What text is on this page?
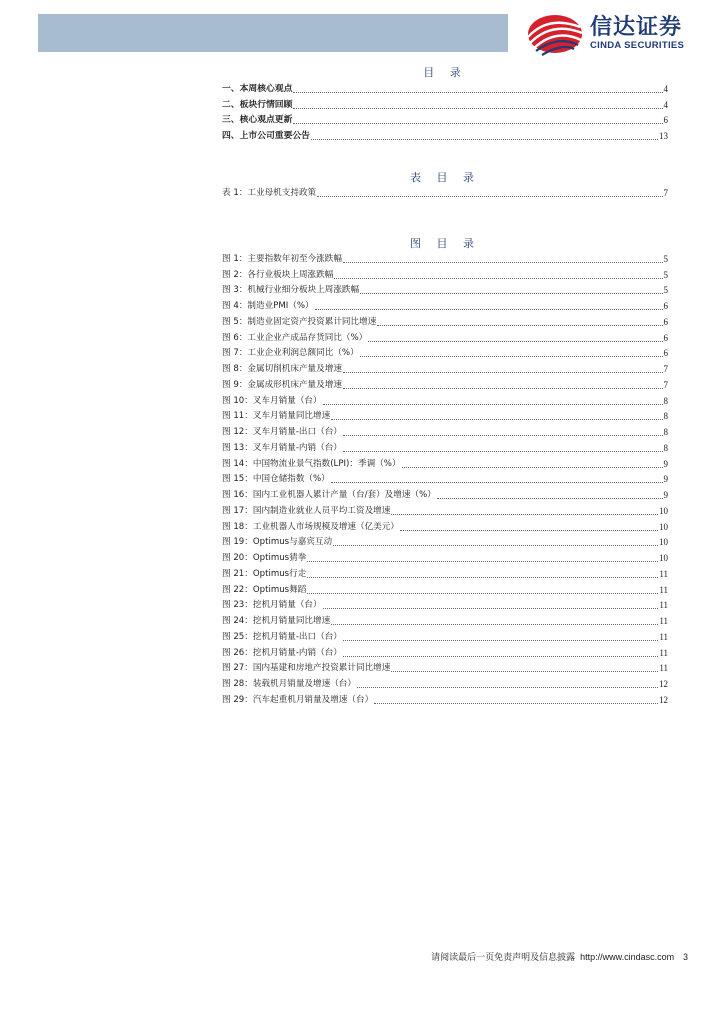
信达证券
CINDA SECURITIES
目 录
一、本周核心观点	4
二、板块行情回顾	4
三、核心观点更新	6
四、上市公司重要公告	13
表 目 录
表 1：工业母机支持政策	7
图 目 录
图 1：主要指数年初至今涨跌幅	5
图 2：各行业板块上周涨跌幅	5
图 3：机械行业细分板块上周涨跌幅	5
图 4：制造业PMI（%）	6
图 5：制造业固定资产投资累计同比增速	6
图 6：工业企业产成品存货同比（%）	6
图 7：工业企业利润总额同比（%）	6
图 8：金属切削机床产量及增速	7
图 9：金属成形机床产量及增速	7
图 10：叉车月销量（台）	8
图 11：叉车月销量同比增速	8
图 12：叉车月销量-出口（台）	8
图 13：叉车月销量-内销（台）	8
图 14：中国物流业景气指数(LPI)：季调（%）	9
图 15：中国仓储指数（%）	9
图 16：国内工业机器人累计产量（台/套）及增速（%）	9
图 17：国内制造业就业人员平均工资及增速	10
图 18：工业机器人市场规模及增速（亿美元）	10
图 19：Optimus与嘉宾互动	10
图 20：Optimus猜拳	10
图 21：Optimus行走	11
图 22：Optimus舞蹈	11
图 23：挖机月销量（台）	11
图 24：挖机月销量同比增速	11
图 25：挖机月销量-出口（台）	11
图 26：挖机月销量-内销（台）	11
图 27：国内基建和房地产投资累计同比增速	11
图 28：装载机月销量及增速（台）	12
图 29：汽车起重机月销量及增速（台）	12
请阅读最后一页免责声明及信息披露 http://www.cindasc.com 3
